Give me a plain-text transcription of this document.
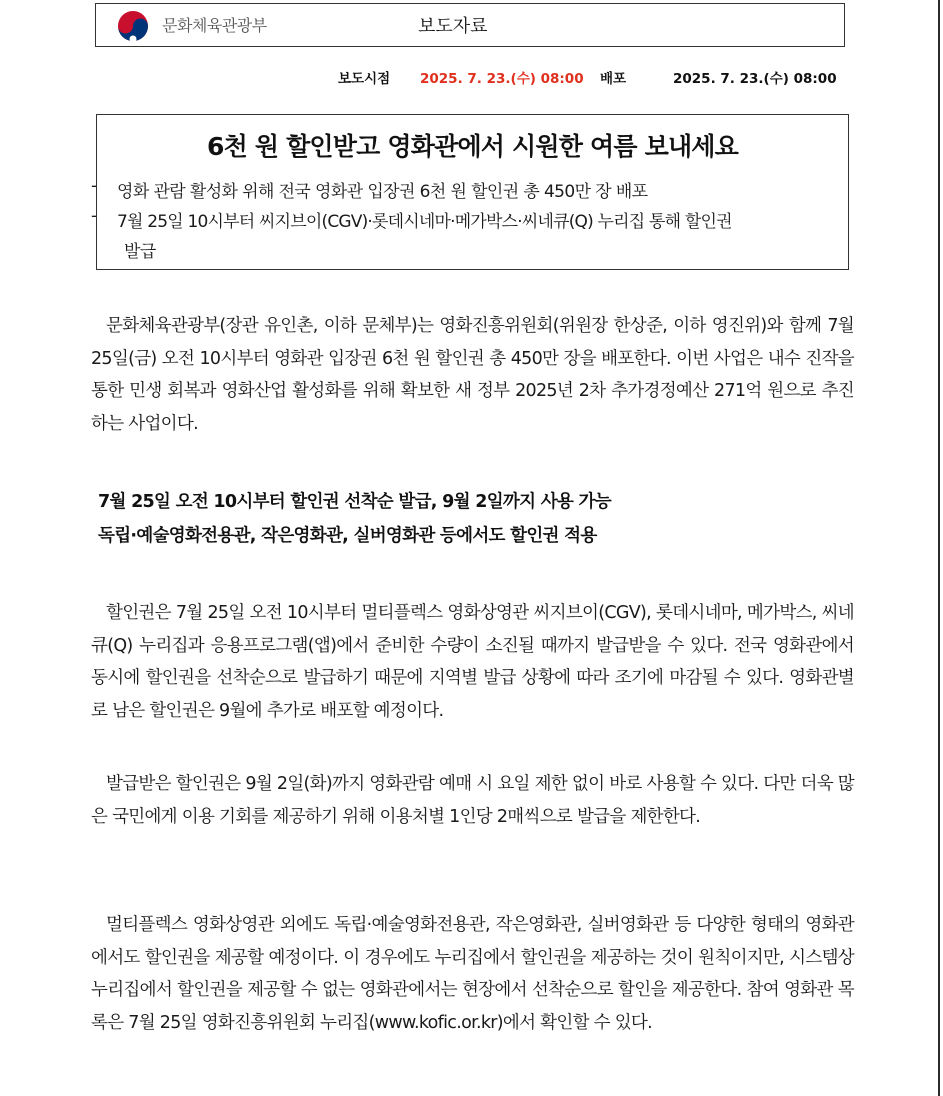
문화체육관광부	보도자료
보도시점 2025. 7. 23.(수) 08:00 배포	2025. 7. 23.(수) 08:00
6천 원 할인받고 영화관에서 시원한 여름 보내세요
영화 관람 활성화 위해 전국 영화관 입장권 6천 원 할인권 총 450만 장 배포
7월 25일 10시부터 씨지브이(CGV)·롯데시네마·메가박스·씨네큐(Q) 누리집 통해 할인권
발급
-
-
문화체육관광부(장관 유인촌, 이하 문체부)는 영화진흥위원회(위원장 한상준, 이하 영진위)와 함께 7월 25일(금) 오전 10시부터 영화관 입장권 6천 원 할인권 총 450만 장을 배포한다. 이번 사업은 내수 진작을 통한 민생 회복과 영화산업 활성화를 위해 확보한 새 정부 2025년 2차 추가경정예산 271억 원으로 추진하는 사업이다.
7월 25일 오전 10시부터 할인권 선착순 발급, 9월 2일까지 사용 가능
독립·예술영화전용관, 작은영화관, 실버영화관 등에서도 할인권 적용
할인권은 7월 25일 오전 10시부터 멀티플렉스 영화상영관 씨지브이(CGV), 롯데시네마, 메가박스, 씨네큐(Q) 누리집과 응용프로그램(앱)에서 준비한 수량이 소진될 때까지 발급받을 수 있다. 전국 영화관에서 동시에 할인권을 선착순으로 발급하기 때문에 지역별 발급 상황에 따라 조기에 마감될 수 있다. 영화관별로 남은 할인권은 9월에 추가로 배포할 예정이다.
발급받은 할인권은 9월 2일(화)까지 영화관람 예매 시 요일 제한 없이 바로 사용할 수 있다. 다만 더욱 많은 국민에게 이용 기회를 제공하기 위해 이용처별 1인당 2매씩으로 발급을 제한한다.
멀티플렉스 영화상영관 외에도 독립·예술영화전용관, 작은영화관, 실버영화관 등 다양한 형태의 영화관에서도 할인권을 제공할 예정이다. 이 경우에도 누리집에서 할인권을 제공하는 것이 원칙이지만, 시스템상 누리집에서 할인권을 제공할 수 없는 영화관에서는 현장에서 선착순으로 할인을 제공한다. 참여 영화관 목록은 7월 25일 영화진흥위원회 누리집(www.kofic.or.kr)에서 확인할 수 있다.
